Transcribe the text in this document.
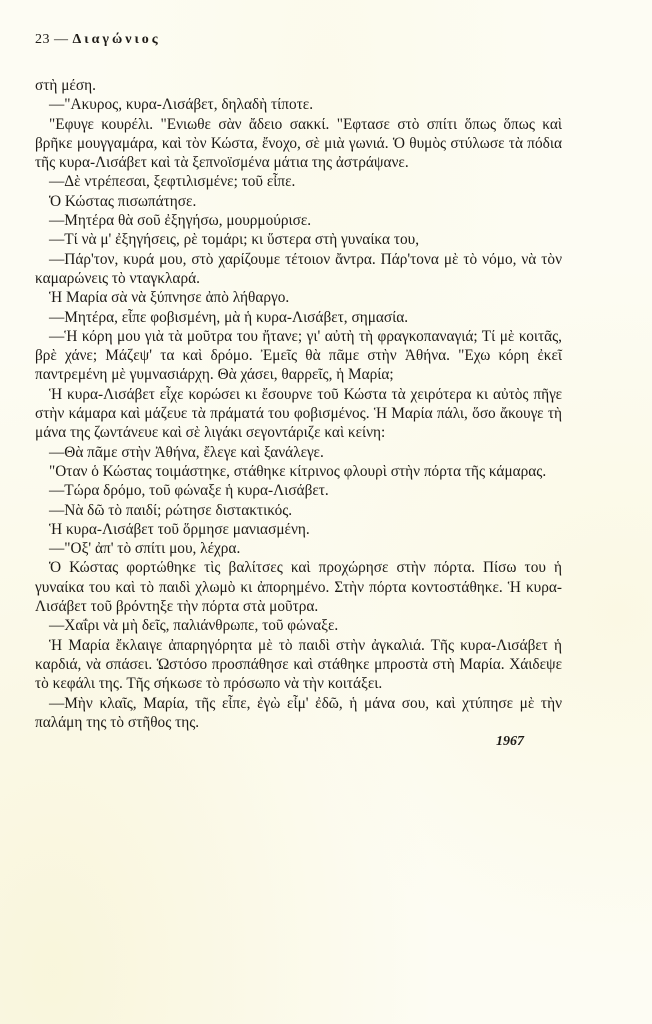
23 — Διαγώνιος

στὴ μέση.

—"Ακυρος, κυρα-Λισάβετ, δηλαδὴ τίποτε.

"Εφυγε κουρέλι. "Ενιωθε σὰν ἄδειο σακκί. "Εφτασε στὸ σπίτι ὅπως ὅπως καὶ βρῆκε μουγγαμάρα, καὶ τὸν Κώστα, ἔνοχο, σὲ μιὰ γωνιά. Ὁ θυμὸς στύλωσε τὰ πόδια τῆς κυρα-Λισάβετ καὶ τὰ ξεπνοϊσμένα μάτια της ἀστράψανε.

—Δὲ ντρέπεσαι, ξεφτιλισμένε; τοῦ εἶπε.

Ὁ Κώστας πισωπάτησε.

—Μητέρα θὰ σοῦ ἐξηγήσω, μουρμούρισε.

—Τί νὰ μ' ἐξηγήσεις, ρὲ τομάρι; κι ὕστερα στὴ γυναίκα του,

—Πάρ'τον, κυρά μου, στὸ χαρίζουμε τέτοιον ἄντρα. Πάρ'τονα μὲ τὸ νόμο, νὰ τὸν καμαρώνεις τὸ νταγκλαρά.

Ἡ Μαρία σὰ νὰ ξύπνησε ἀπὸ λήθαργο.

—Μητέρα, εἶπε φοβισμένη, μὰ ἡ κυρα-Λισάβετ, σημασία.

—Ἡ κόρη μου γιὰ τὰ μοῦτρα του ἤτανε; γι' αὐτὴ τὴ φραγκοπαναγιά; Τί μὲ κοιτᾶς, βρὲ χάνε; Μάζεψ' τα καὶ δρόμο. Ἐμεῖς θὰ πᾶμε στὴν Ἀθήνα. "Εχω κόρη ἐκεῖ παντρεμένη μὲ γυμνασιάρχη. Θὰ χάσει, θαρρεῖς, ἡ Μαρία;

Ἡ κυρα-Λισάβετ εἶχε κορώσει κι ἔσουρνε τοῦ Κώστα τὰ χειρότερα κι αὐτὸς πῆγε στὴν κάμαρα καὶ μάζευε τὰ πράματά του φοβισμένος. Ἡ Μαρία πάλι, ὅσο ἄκουγε τὴ μάνα της ζωντάνευε καὶ σὲ λιγάκι σεγοντάριζε καὶ κείνη:

—Θὰ πᾶμε στὴν Ἀθήνα, ἔλεγε καὶ ξανάλεγε.

"Οταν ὁ Κώστας τοιμάστηκε, στάθηκε κίτρινος φλουρὶ στὴν πόρτα τῆς κάμαρας.

—Τώρα δρόμο, τοῦ φώναξε ἡ κυρα-Λισάβετ.

—Νὰ δῶ τὸ παιδί; ρώτησε διστακτικός.

Ἡ κυρα-Λισάβετ τοῦ ὅρμησε μανιασμένη.

—"Οξ' ἀπ' τὸ σπίτι μου, λέχρα.

Ὁ Κώστας φορτώθηκε τὶς βαλίτσες καὶ προχώρησε στὴν πόρτα. Πίσω του ἡ γυναίκα του καὶ τὸ παιδὶ χλωμὸ κι ἀπορημένο. Στὴν πόρτα κοντοστάθηκε. Ἡ κυρα-Λισάβετ τοῦ βρόντηξε τὴν πόρτα στὰ μοῦτρα.

—Χαΐρι νὰ μὴ δεῖς, παλιάνθρωπε, τοῦ φώναξε.

Ἡ Μαρία ἔκλαιγε ἀπαρηγόρητα μὲ τὸ παιδὶ στὴν ἀγκαλιά. Τῆς κυρα-Λισάβετ ἡ καρδιά, νὰ σπάσει. Ὡστόσο προσπάθησε καὶ στάθηκε μπροστὰ στὴ Μαρία. Χάιδεψε τὸ κεφάλι της. Τῆς σήκωσε τὸ πρόσωπο νὰ τὴν κοιτάξει.

—Μὴν κλαῖς, Μαρία, τῆς εἶπε, ἐγὼ εἶμ' ἐδῶ, ἡ μάνα σου, καὶ χτύπησε μὲ τὴν παλάμη της τὸ στῆθος της.

1967
